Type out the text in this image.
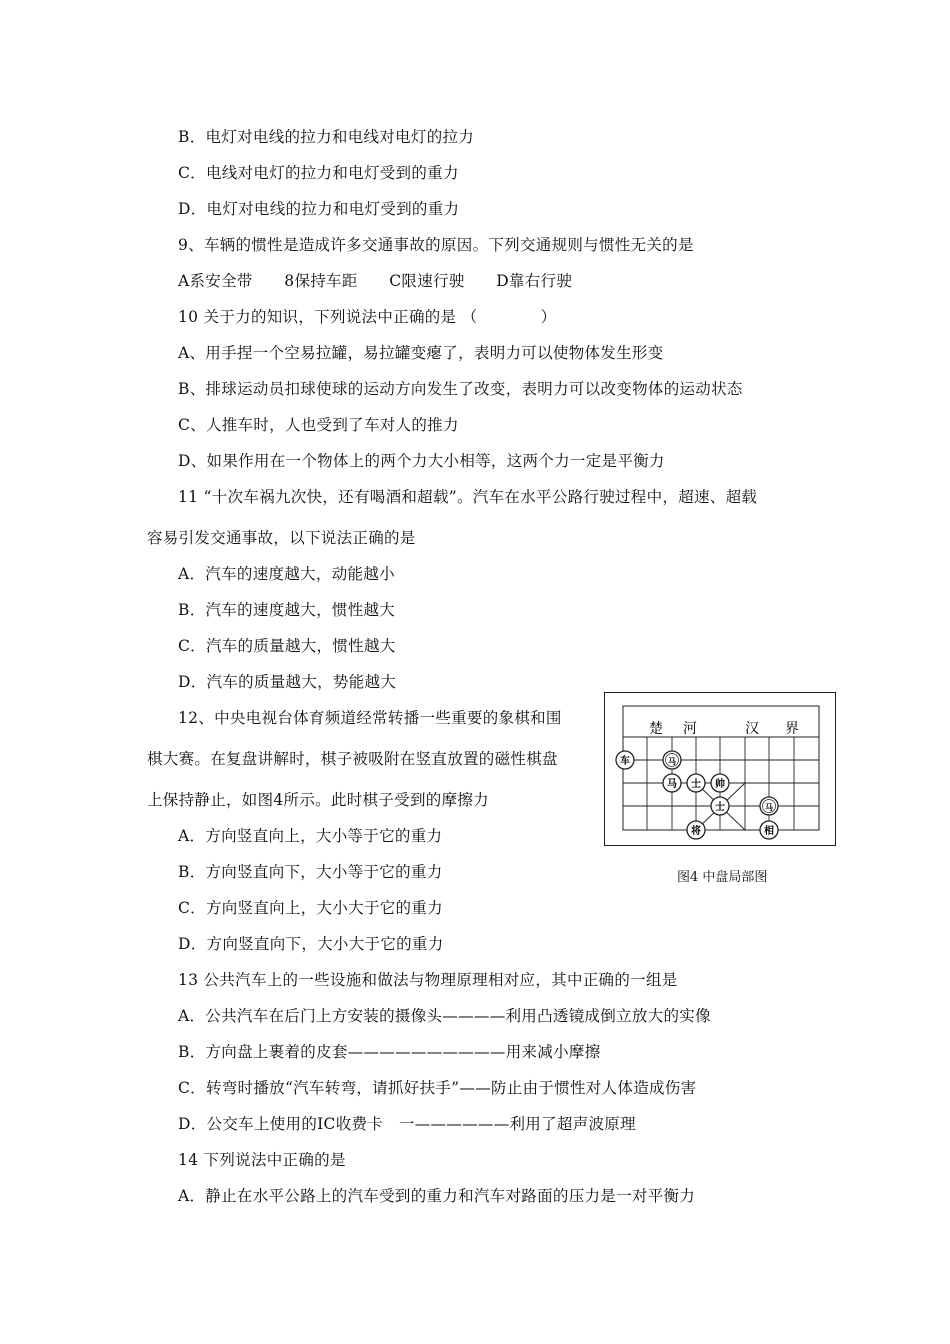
B．电灯对电线的拉力和电线对电灯的拉力
C．电线对电灯的拉力和电灯受到的重力
D．电灯对电线的拉力和电灯受到的重力
9、车辆的惯性是造成许多交通事故的原因。下列交通规则与惯性无关的是
A系安全带　　8保持车距　　C限速行驶　　D靠右行驶
10 关于力的知识，下列说法中正确的是 （　　　　）
A、用手捏一个空易拉罐，易拉罐变瘪了，表明力可以使物体发生形变
B、排球运动员扣球使球的运动方向发生了改变，表明力可以改变物体的运动状态
C、人推车时，人也受到了车对人的推力
D、如果作用在一个物体上的两个力大小相等，这两个力一定是平衡力
11 “十次车祸九次快，还有喝酒和超载”。汽车在水平公路行驶过程中，超速、超载
容易引发交通事故，以下说法正确的是
A．汽车的速度越大，动能越小
B．汽车的速度越大，惯性越大
C．汽车的质量越大，惯性越大
D．汽车的质量越大，势能越大
12、中央电视台体育频道经常转播一些重要的象棋和围
棋大赛。在复盘讲解时，棋子被吸附在竖直放置的磁性棋盘
上保持静止，如图4所示。此时棋子受到的摩擦力
A．方向竖直向上，大小等于它的重力
B．方向竖直向下，大小等于它的重力
C．方向竖直向上，大小大于它的重力
D．方向竖直向下，大小大于它的重力
13 公共汽车上的一些设施和做法与物理原理相对应，其中正确的一组是
A．公共汽车在后门上方安装的摄像头————利用凸透镜成倒立放大的实像
B．方向盘上裹着的皮套——————————用来减小摩擦
C．转弯时播放“汽车转弯，请抓好扶手”——防止由于惯性对人体造成伤害
D．公交车上使用的IC收费卡　一——————利用了超声波原理
14 下列说法中正确的是
A．静止在水平公路上的汽车受到的重力和汽车对路面的压力是一对平衡力
楚 河	汉 界
车	马
马 士 帅
士
将
马
相
图4 中盘局部图
